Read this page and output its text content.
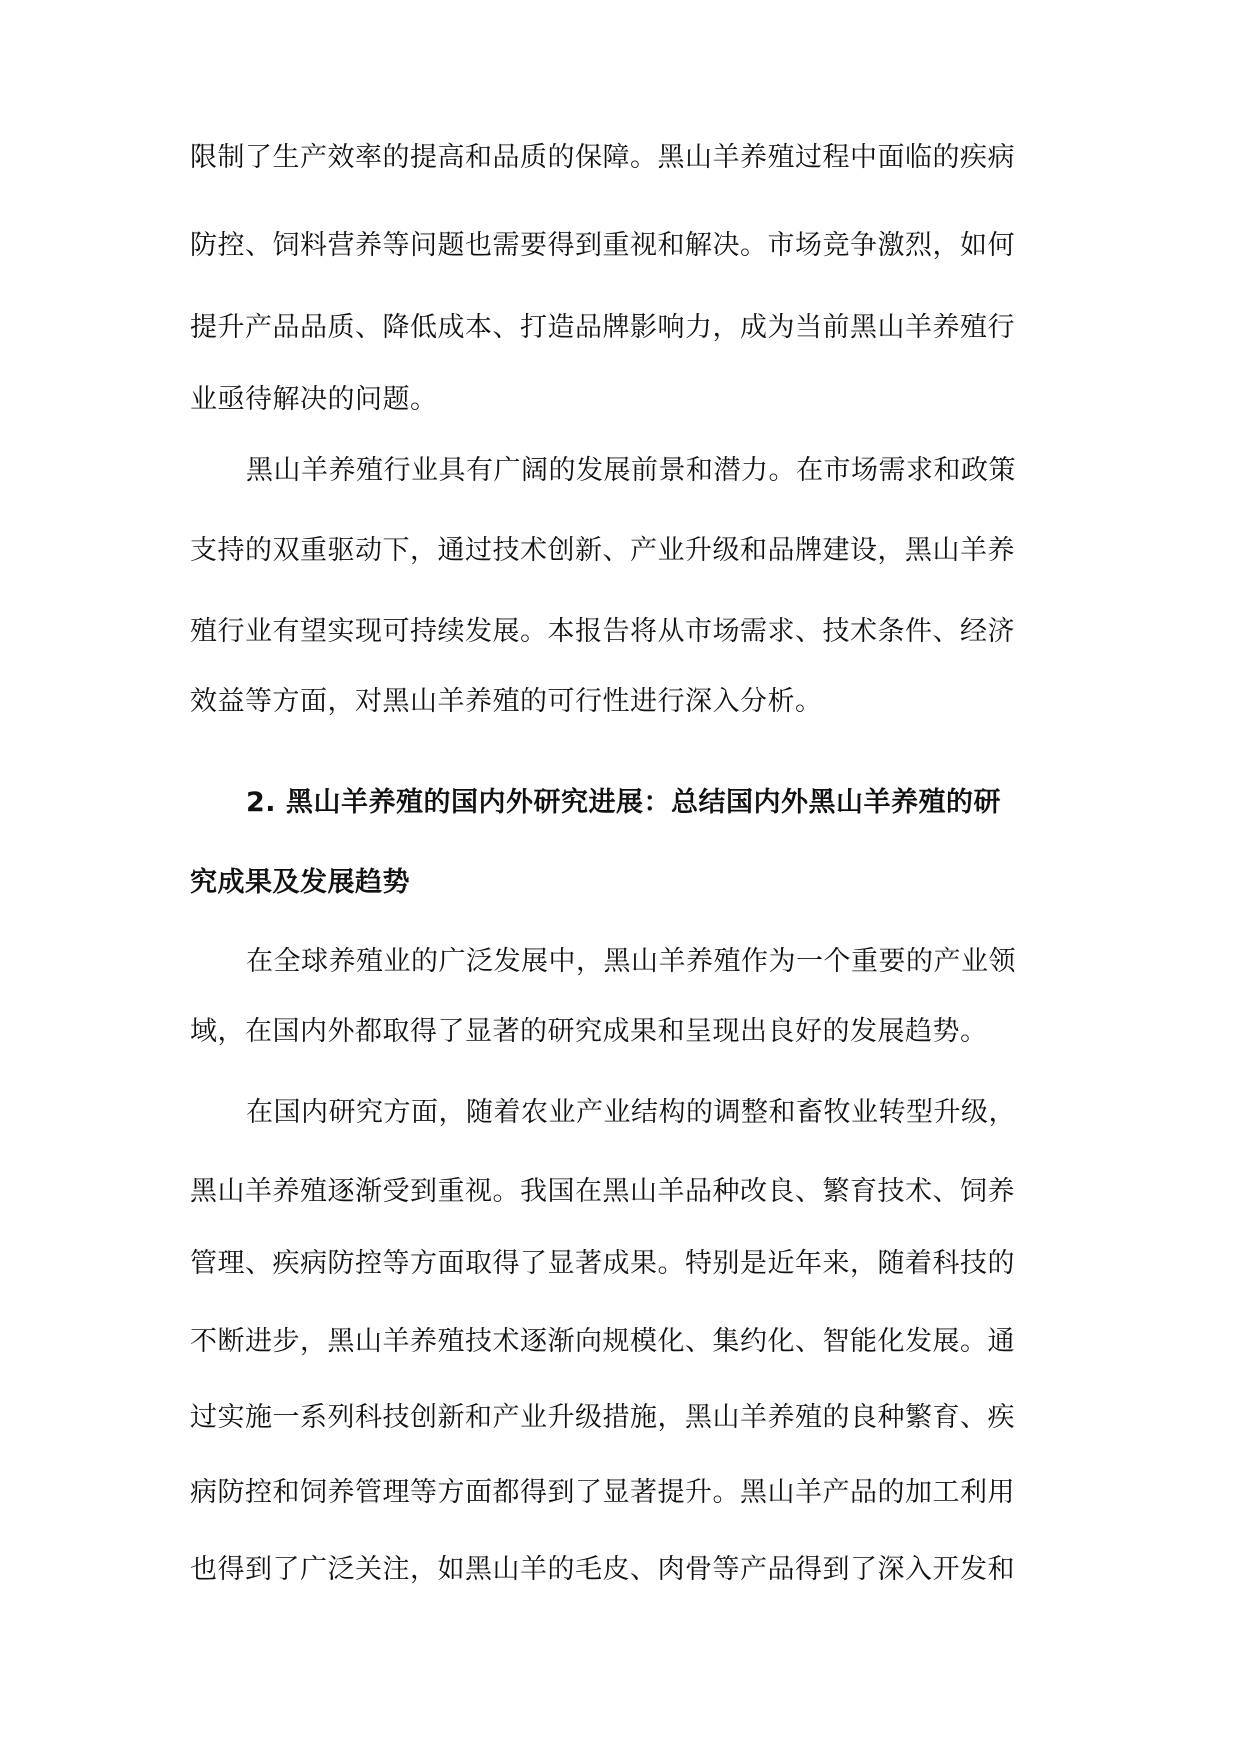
限制了生产效率的提高和品质的保障。黑山羊养殖过程中面临的疾病
防控、饲料营养等问题也需要得到重视和解决。市场竞争激烈，如何
提升产品品质、降低成本、打造品牌影响力，成为当前黑山羊养殖行
业亟待解决的问题。
黑山羊养殖行业具有广阔的发展前景和潜力。在市场需求和政策
支持的双重驱动下，通过技术创新、产业升级和品牌建设，黑山羊养
殖行业有望实现可持续发展。本报告将从市场需求、技术条件、经济
效益等方面，对黑山羊养殖的可行性进行深入分析。
2. 黑山羊养殖的国内外研究进展：总结国内外黑山羊养殖的研
究成果及发展趋势
在全球养殖业的广泛发展中，黑山羊养殖作为一个重要的产业领
域，在国内外都取得了显著的研究成果和呈现出良好的发展趋势。
在国内研究方面，随着农业产业结构的调整和畜牧业转型升级，
黑山羊养殖逐渐受到重视。我国在黑山羊品种改良、繁育技术、饲养
管理、疾病防控等方面取得了显著成果。特别是近年来，随着科技的
不断进步，黑山羊养殖技术逐渐向规模化、集约化、智能化发展。通
过实施一系列科技创新和产业升级措施，黑山羊养殖的良种繁育、疾
病防控和饲养管理等方面都得到了显著提升。黑山羊产品的加工利用
也得到了广泛关注，如黑山羊的毛皮、肉骨等产品得到了深入开发和
